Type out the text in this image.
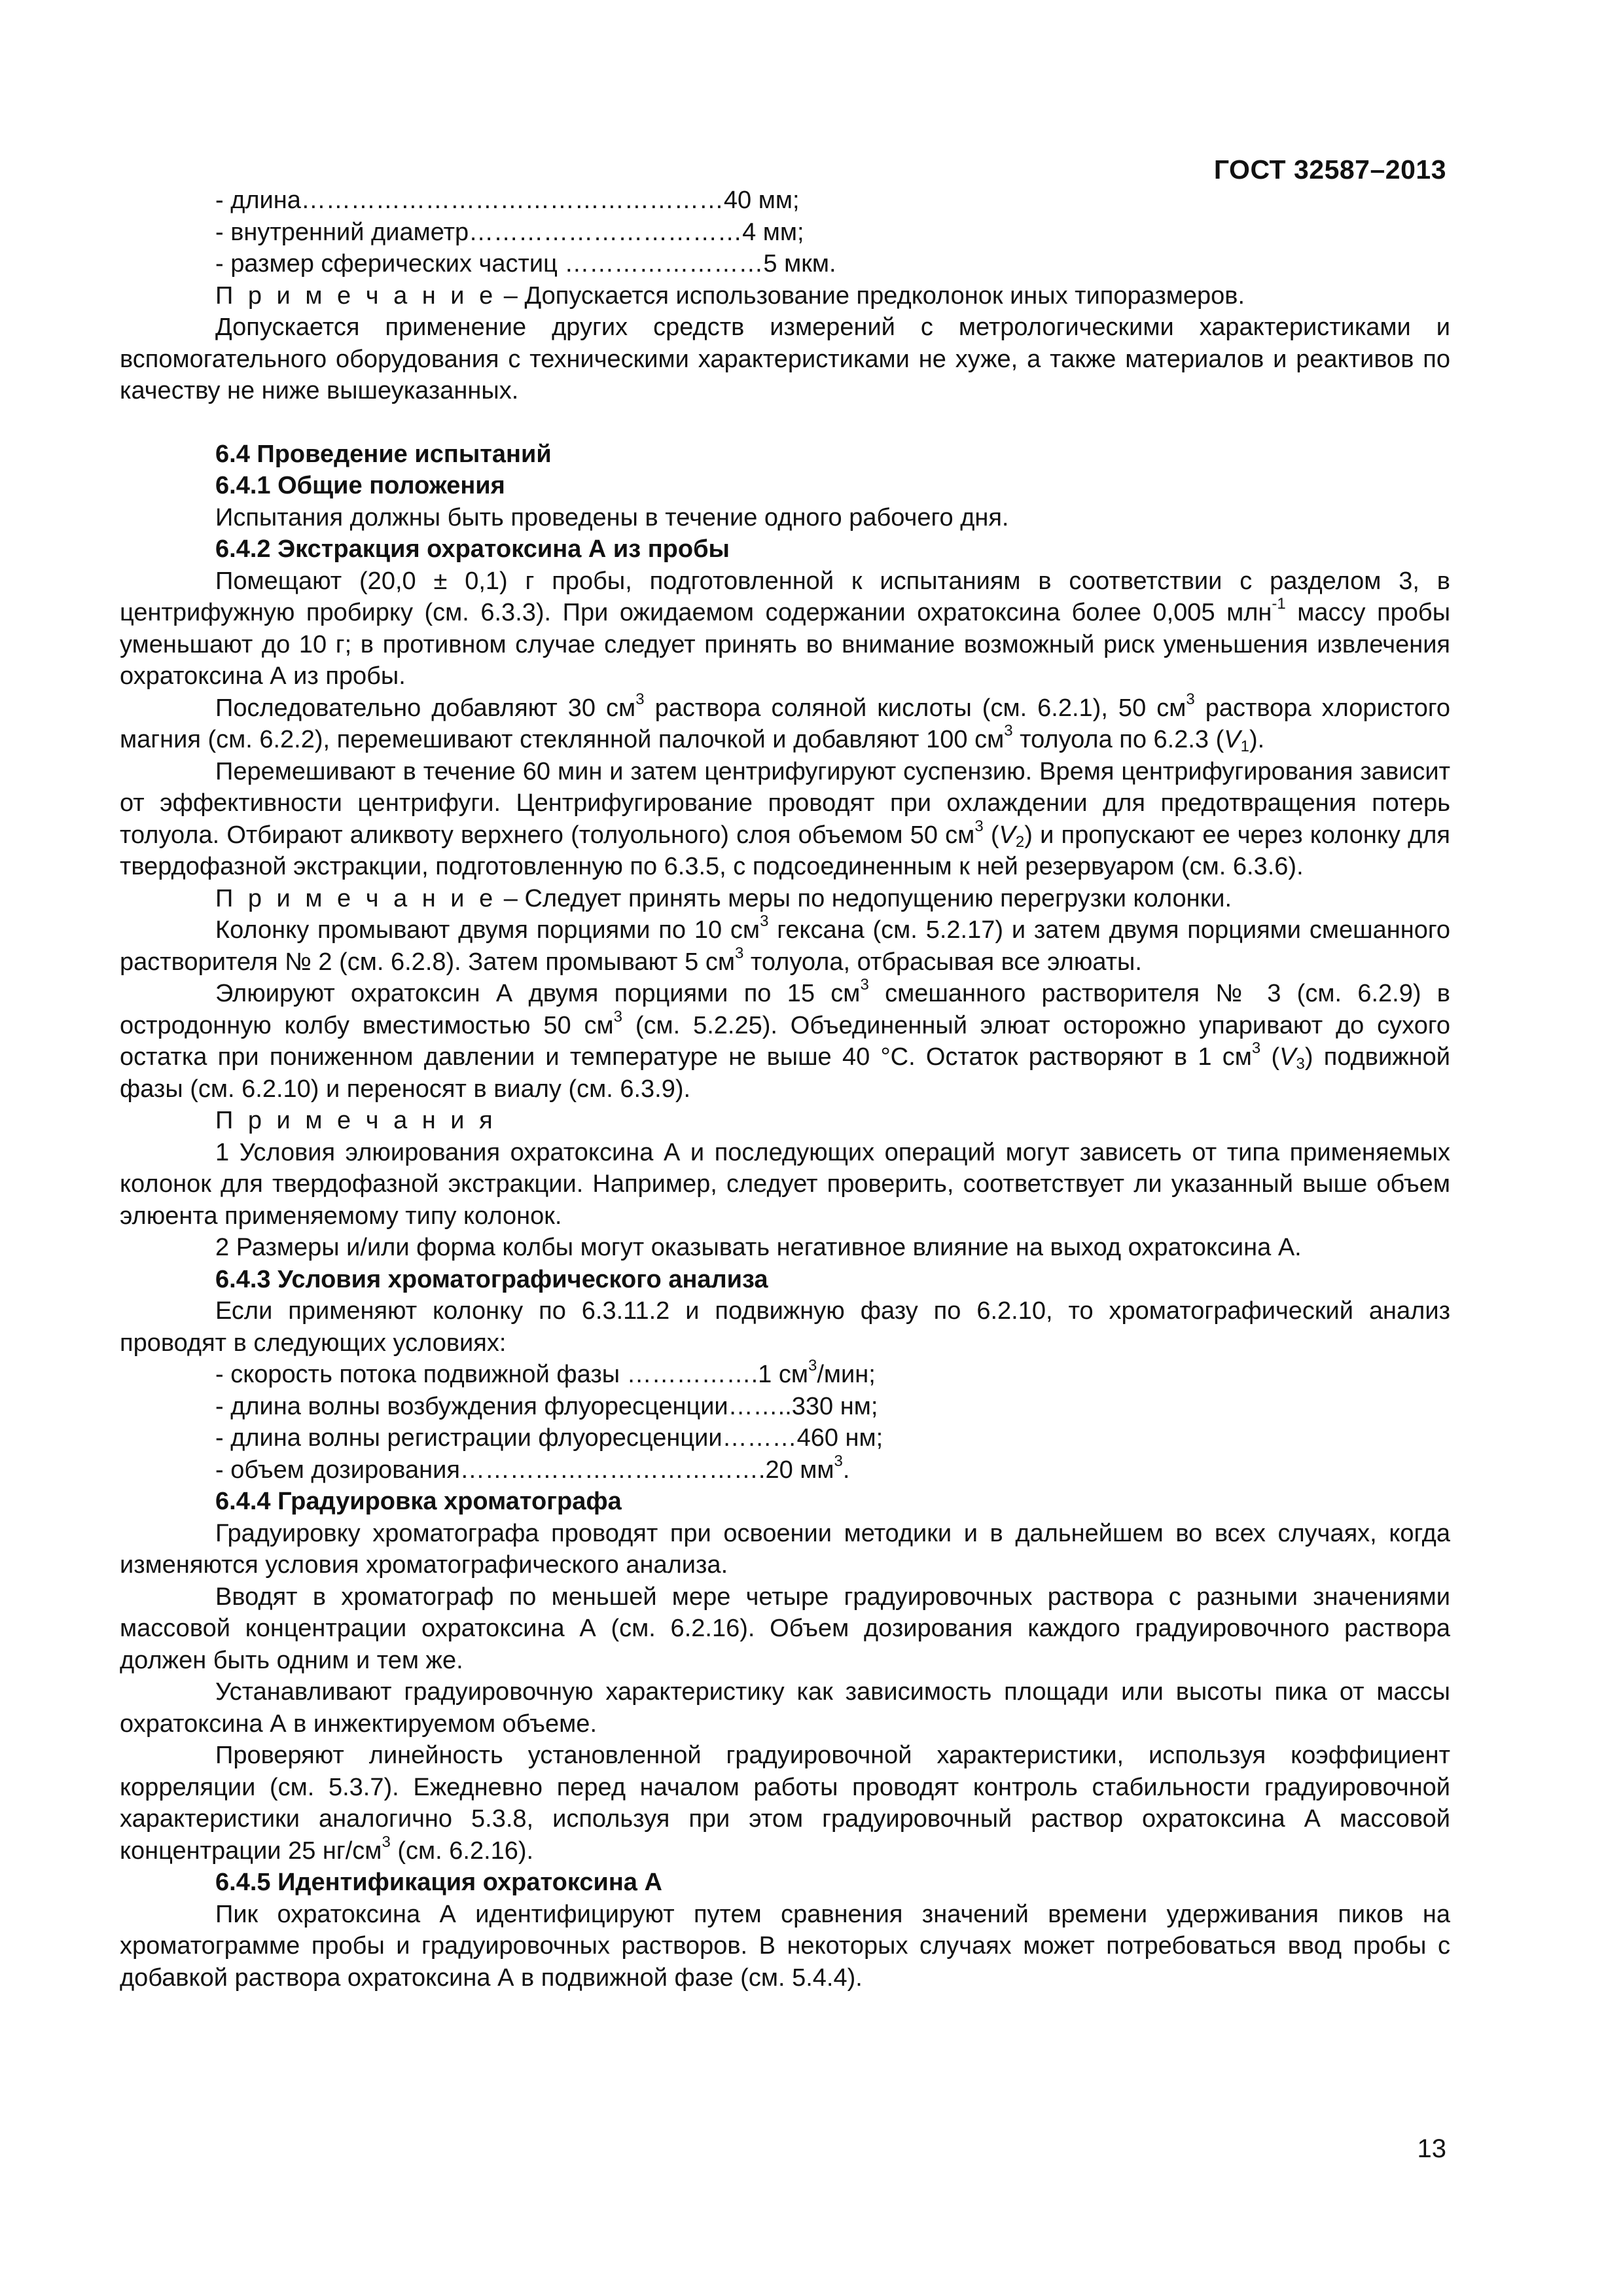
ГОСТ 32587–2013

- длина……………………………………………40 мм;

- внутренний диаметр……………………………4 мм;

- размер сферических частиц ……………………5 мкм.

П р и м е ч а н и е – Допускается использование предколонок иных типоразмеров.

Допускается применение других средств измерений с метрологическими характеристиками и вспомогательного оборудования с техническими характеристиками не хуже, а также материалов и реактивов по качеству не ниже вышеуказанных.

6.4 Проведение испытаний

6.4.1 Общие положения

Испытания должны быть проведены в течение одного рабочего дня.

6.4.2 Экстракция охратоксина А из пробы

Помещают (20,0 ± 0,1) г пробы, подготовленной к испытаниям в соответствии с разделом 3, в центрифужную пробирку (см. 6.3.3). При ожидаемом содержании охратоксина более 0,005 млн$^{-1}$ массу пробы уменьшают до 10 г; в противном случае следует принять во внимание возможный риск уменьшения извлечения охратоксина А из пробы.

Последовательно добавляют 30 $см^3$ раствора соляной кислоты (см. 6.2.1), 50 $см^3$ раствора хлористого магния (см. 6.2.2), перемешивают стеклянной палочкой и добавляют 100 $см^3$ толуола по 6.2.3 $(V_1)$.

Перемешивают в течение 60 мин и затем центрифугируют суспензию. Время центрифугирования зависит от эффективности центрифуги. Центрифугирование проводят при охлаждении для предотвращения потерь толуола. Отбирают аликвоту верхнего (толуольного) слоя объемом 50 $см^3$ $(V_2)$ и пропускают ее через колонку для твердофазной экстракции, подготовленную по 6.3.5, с подсоединенным к ней резервуаром (см. 6.3.6).

П р и м е ч а н и е – Следует принять меры по недопущению перегрузки колонки.

Колонку промывают двумя порциями по 10 $см^3$ гексана (см. 5.2.17) и затем двумя порциями смешанного растворителя № 2 (см. 6.2.8). Затем промывают 5 $см^3$ толуола, отбрасывая все элюаты.

Элюируют охратоксин А двумя порциями по 15 $см^3$ смешанного растворителя № 3 (см. 6.2.9) в остродонную колбу вместимостью 50 $см^3$ (см. 5.2.25). Объединенный элюат осторожно упаривают до сухого остатка при пониженном давлении и температуре не выше 40 °С. Остаток растворяют в 1 $см^3$ $(V_3)$ подвижной фазы (см. 6.2.10) и переносят в виалу (см. 6.3.9).

П р и м е ч а н и я

1 Условия элюирования охратоксина А и последующих операций могут зависеть от типа применяемых колонок для твердофазной экстракции. Например, следует проверить, соответствует ли указанный выше объем элюента применяемому типу колонок.

2 Размеры и/или форма колбы могут оказывать негативное влияние на выход охратоксина А.

6.4.3 Условия хроматографического анализа

Если применяют колонку по 6.3.11.2 и подвижную фазу по 6.2.10, то хроматографический анализ проводят в следующих условиях:

- скорость потока подвижной фазы …………….1 $см^3$/мин;

- длина волны возбуждения флуоресценции……..330 нм;

- длина волны регистрации флуоресценции………460 нм;

- объем дозирования……………………………….20 $мм^3$.

6.4.4 Градуировка хроматографа

Градуировку хроматографа проводят при освоении методики и в дальнейшем во всех случаях, когда изменяются условия хроматографического анализа.

Вводят в хроматограф по меньшей мере четыре градуировочных раствора с разными значениями массовой концентрации охратоксина А (см. 6.2.16). Объем дозирования каждого градуировочного раствора должен быть одним и тем же.

Устанавливают градуировочную характеристику как зависимость площади или высоты пика от массы охратоксина А в инжектируемом объеме.

Проверяют линейность установленной градуировочной характеристики, используя коэффициент корреляции (см. 5.3.7). Ежедневно перед началом работы проводят контроль стабильности градуировочной характеристики аналогично 5.3.8, используя при этом градуировочный раствор охратоксина А массовой концентрации 25 $нг/см^3$ (см. 6.2.16).

6.4.5 Идентификация охратоксина А

Пик охратоксина А идентифицируют путем сравнения значений времени удерживания пиков на хроматограмме пробы и градуировочных растворов. В некоторых случаях может потребоваться ввод пробы с добавкой раствора охратоксина А в подвижной фазе (см. 5.4.4).

13
